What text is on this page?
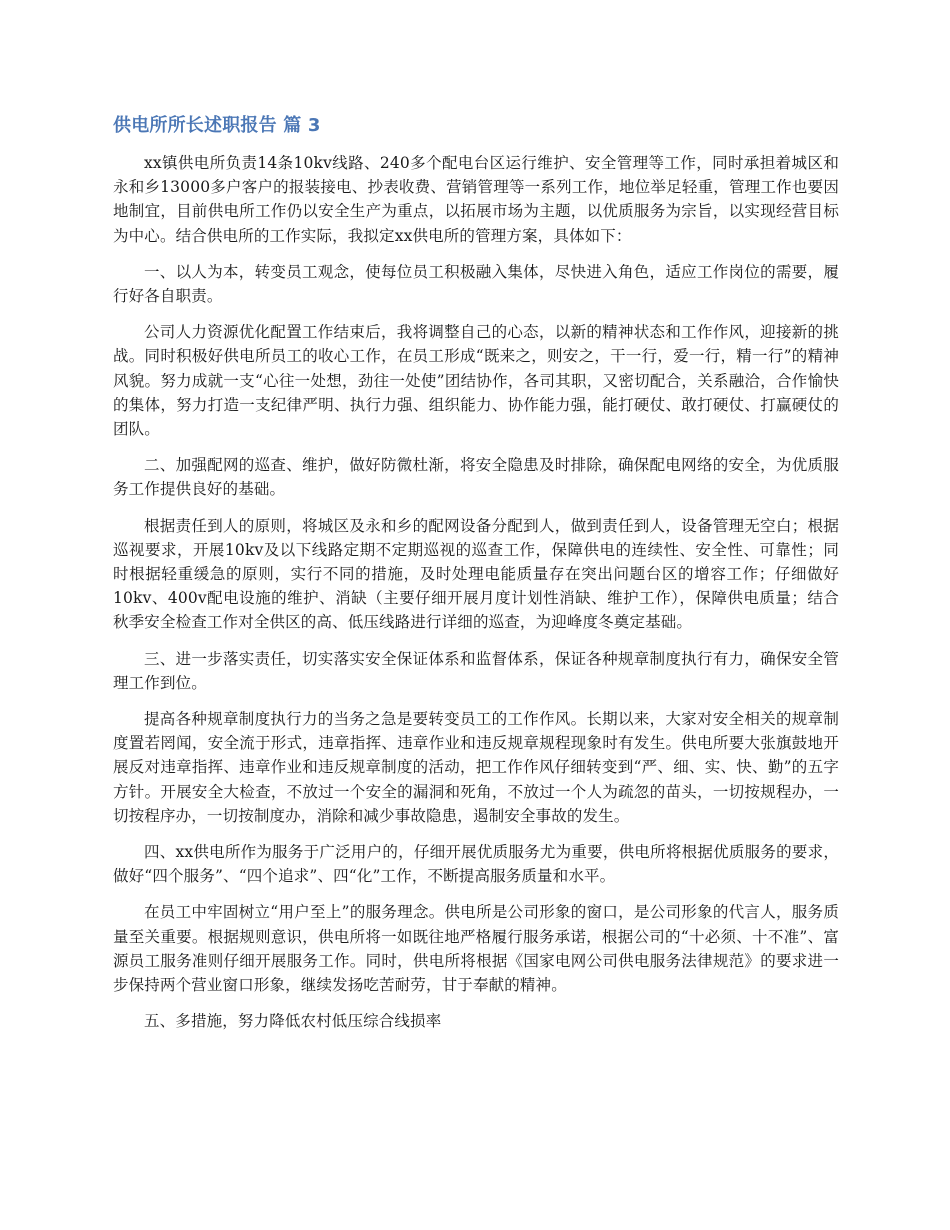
供电所所长述职报告 篇 3

xx镇供电所负责14条10kv线路、240多个配电台区运行维护、安全管理等工作，同时承担着城区和永和乡13000多户客户的报装接电、抄表收费、营销管理等一系列工作，地位举足轻重，管理工作也要因地制宜，目前供电所工作仍以安全生产为重点，以拓展市场为主题，以优质服务为宗旨，以实现经营目标为中心。结合供电所的工作实际，我拟定xx供电所的管理方案，具体如下：

一、以人为本，转变员工观念，使每位员工积极融入集体，尽快进入角色，适应工作岗位的需要，履行好各自职责。

公司人力资源优化配置工作结束后，我将调整自己的心态，以新的精神状态和工作作风，迎接新的挑战。同时积极好供电所员工的收心工作，在员工形成“既来之，则安之，干一行，爱一行，精一行”的精神风貌。努力成就一支“心往一处想，劲往一处使”团结协作，各司其职，又密切配合，关系融洽，合作愉快的集体，努力打造一支纪律严明、执行力强、组织能力、协作能力强，能打硬仗、敢打硬仗、打赢硬仗的团队。

二、加强配网的巡查、维护，做好防微杜渐，将安全隐患及时排除，确保配电网络的安全，为优质服务工作提供良好的基础。

根据责任到人的原则，将城区及永和乡的配网设备分配到人，做到责任到人，设备管理无空白；根据巡视要求，开展10kv及以下线路定期不定期巡视的巡查工作，保障供电的连续性、安全性、可靠性；同时根据轻重缓急的原则，实行不同的措施，及时处理电能质量存在突出问题台区的增容工作；仔细做好10kv、400v配电设施的维护、消缺（主要仔细开展月度计划性消缺、维护工作），保障供电质量；结合秋季安全检查工作对全供区的高、低压线路进行详细的巡查，为迎峰度冬奠定基础。

三、进一步落实责任，切实落实安全保证体系和监督体系，保证各种规章制度执行有力，确保安全管理工作到位。

提高各种规章制度执行力的当务之急是要转变员工的工作作风。长期以来，大家对安全相关的规章制度置若罔闻，安全流于形式，违章指挥、违章作业和违反规章规程现象时有发生。供电所要大张旗鼓地开展反对违章指挥、违章作业和违反规章制度的活动，把工作作风仔细转变到“严、细、实、快、勤”的五字方针。开展安全大检查，不放过一个安全的漏洞和死角，不放过一个人为疏忽的苗头，一切按规程办，一切按程序办，一切按制度办，消除和减少事故隐患，遏制安全事故的发生。

四、xx供电所作为服务于广泛用户的，仔细开展优质服务尤为重要，供电所将根据优质服务的要求，做好“四个服务”、“四个追求”、四“化”工作，不断提高服务质量和水平。

在员工中牢固树立“用户至上”的服务理念。供电所是公司形象的窗口，是公司形象的代言人，服务质量至关重要。根据规则意识，供电所将一如既往地严格履行服务承诺，根据公司的“十必须、十不准”、富源员工服务准则仔细开展服务工作。同时，供电所将根据《国家电网公司供电服务法律规范》的要求进一步保持两个营业窗口形象，继续发扬吃苦耐劳，甘于奉献的精神。

五、多措施，努力降低农村低压综合线损率
